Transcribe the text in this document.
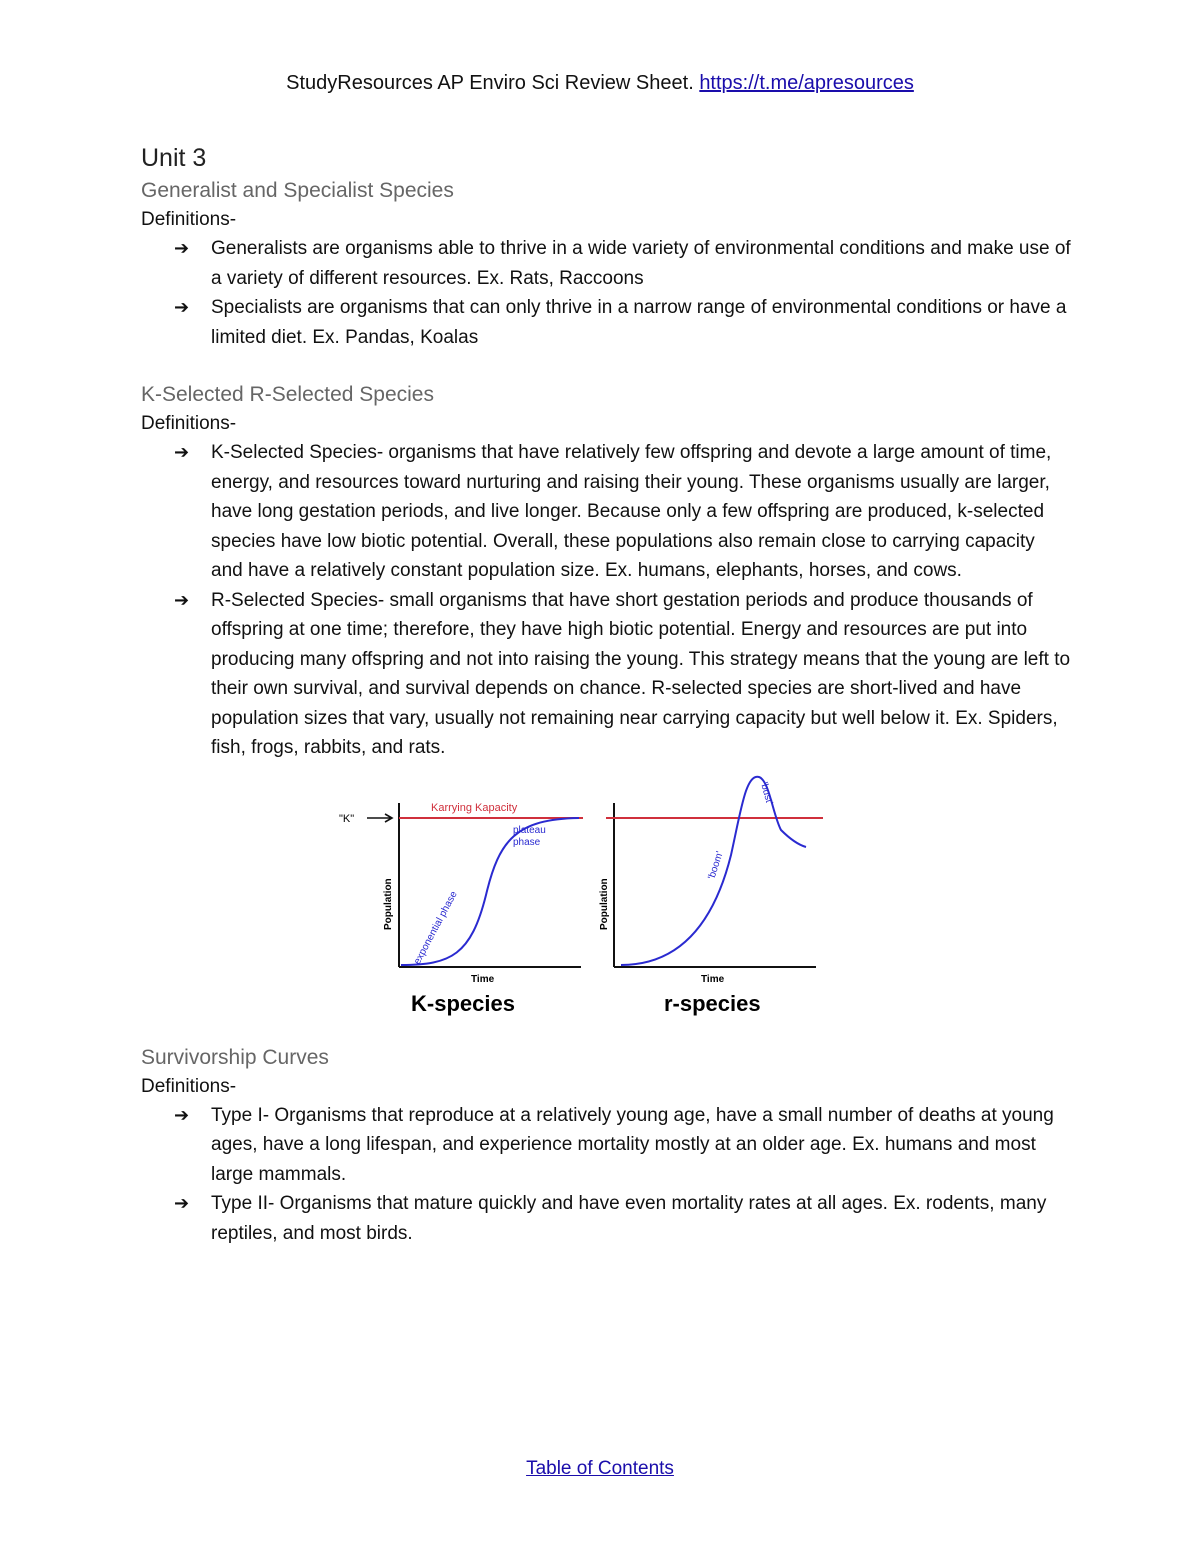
StudyResources AP Enviro Sci Review Sheet. https://t.me/apresources
Unit 3
Generalist and Specialist Species

Definitions-

➔	Generalists are organisms able to thrive in a wide variety of environmental conditions and make use of a variety of different resources. Ex. Rats, Raccoons
➔	Specialists are organisms that can only thrive in a narrow range of environmental conditions or have a limited diet. Ex. Pandas, Koalas
K-Selected R-Selected Species

Definitions-

➔	K-Selected Species- organisms that have relatively few offspring and devote a large amount of time, energy, and resources toward nurturing and raising their young. These organisms usually are larger, have long gestation periods, and live longer. Because only a few offspring are produced, k-selected species have low biotic potential. Overall, these populations also remain close to carrying capacity and have a relatively constant population size. Ex. humans, elephants, horses, and cows.
➔	R-Selected Species- small organisms that have short gestation periods and produce thousands of offspring at one time; therefore, they have high biotic potential. Energy and resources are put into producing many offspring and not into raising the young. This strategy means that the young are left to their own survival, and survival depends on chance. R-selected species are short-lived and have population sizes that vary, usually not remaining near carrying capacity but well below it. Ex. Spiders, fish, frogs, rabbits, and rats.
"K"
Karrying Kapacity
plateau
phase
exponential phase
Population
Time
K-species
'boom'
'bust'
Population
Time
r-species
Survivorship Curves

Definitions-

➔	Type I- Organisms that reproduce at a relatively young age, have a small number of deaths at young ages, have a long lifespan, and experience mortality mostly at an older age. Ex. humans and most large mammals.
➔	Type II- Organisms that mature quickly and have even mortality rates at all ages. Ex. rodents, many reptiles, and most birds.
Table of Contents
